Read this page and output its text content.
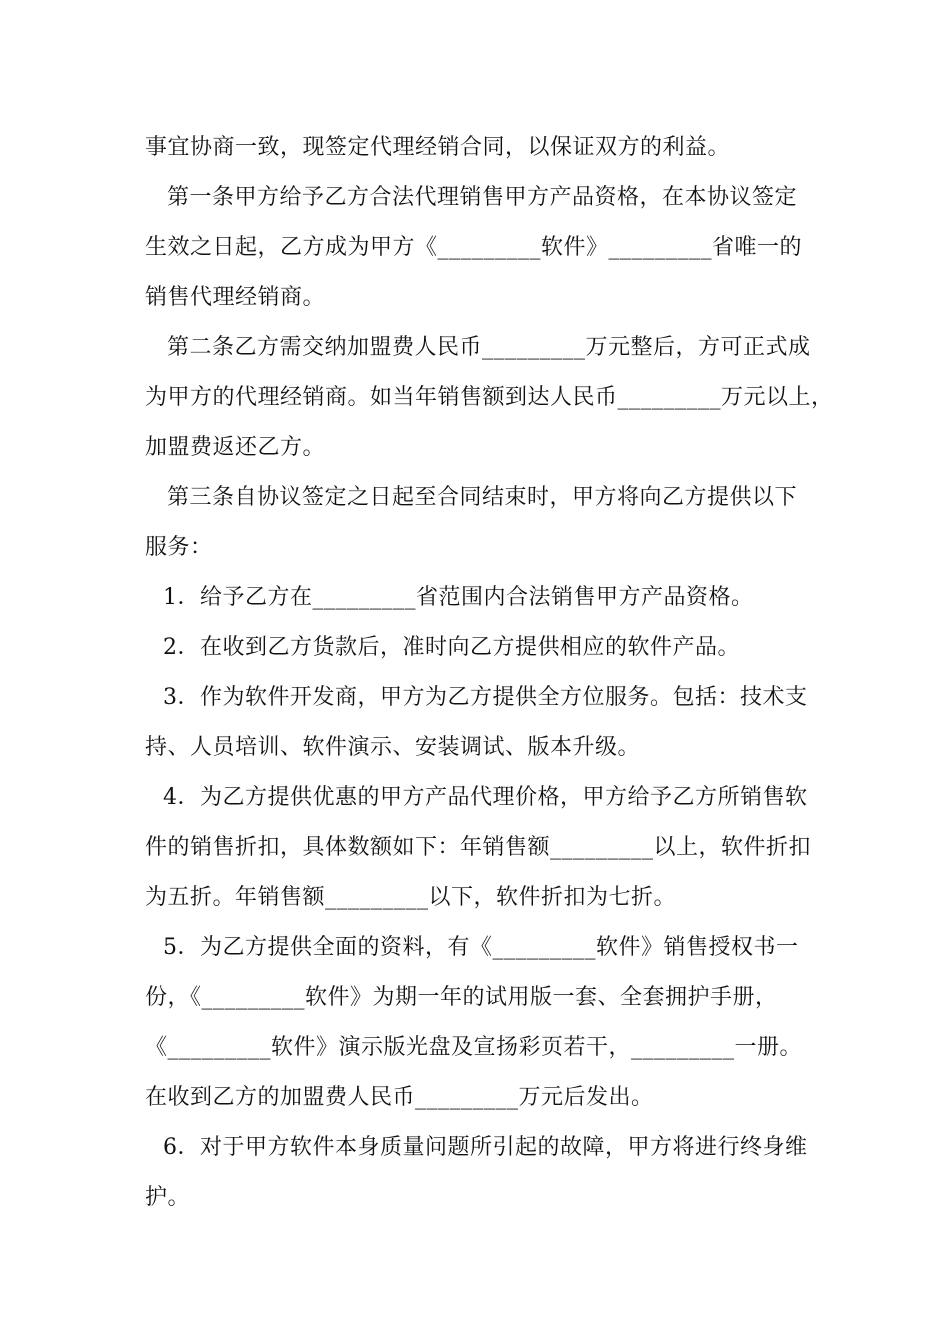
事宜协商一致，现签定代理经销合同，以保证双方的利益。

第一条甲方给予乙方合法代理销售甲方产品资格，在本协议签定

生效之日起，乙方成为甲方《_________软件》_________省唯一的

销售代理经销商。

第二条乙方需交纳加盟费人民币_________万元整后，方可正式成

为甲方的代理经销商。如当年销售额到达人民币_________万元以上，

加盟费返还乙方。

第三条自协议签定之日起至合同结束时，甲方将向乙方提供以下

服务：

1．给予乙方在_________省范围内合法销售甲方产品资格。

2．在收到乙方货款后，准时向乙方提供相应的软件产品。

3．作为软件开发商，甲方为乙方提供全方位服务。包括：技术支

持、人员培训、软件演示、安装调试、版本升级。

4．为乙方提供优惠的甲方产品代理价格，甲方给予乙方所销售软

件的销售折扣，具体数额如下：年销售额_________以上，软件折扣

为五折。年销售额_________以下，软件折扣为七折。

5．为乙方提供全面的资料，有《_________软件》销售授权书一

份，《_________软件》为期一年的试用版一套、全套拥护手册，

《_________软件》演示版光盘及宣扬彩页若干，_________一册。

在收到乙方的加盟费人民币_________万元后发出。

6．对于甲方软件本身质量问题所引起的故障，甲方将进行终身维

护。
